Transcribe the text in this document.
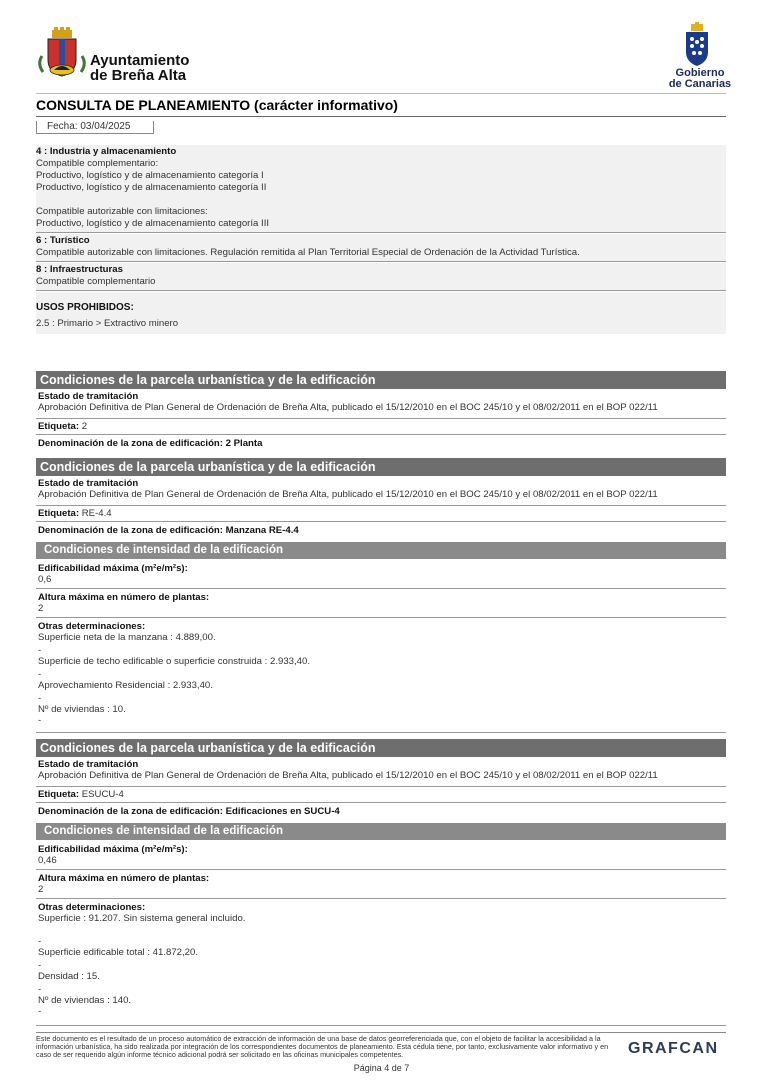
Ayuntamiento
de Breña Alta	Gobierno
de Canarias
CONSULTA DE PLANEAMIENTO (carácter informativo)
Fecha: 03/04/2025
4 : Industria y almacenamiento
Compatible complementario:
Productivo, logístico y de almacenamiento categoría I
Productivo, logístico y de almacenamiento categoría II
Compatible autorizable con limitaciones:
Productivo, logístico y de almacenamiento categoría III
6 : Turístico
Compatible autorizable con limitaciones. Regulación remitida al Plan Territorial Especial de Ordenación de la Actividad Turística.
8 : Infraestructuras
Compatible complementario
USOS PROHIBIDOS:
2.5 : Primario > Extractivo minero
Condiciones de la parcela urbanística y de la edificación
Estado de tramitación
Aprobación Definitiva de Plan General de Ordenación de Breña Alta, publicado el 15/12/2010 en el BOC 245/10 y el 08/02/2011 en el BOP 022/11
Etiqueta: 2
Denominación de la zona de edificación: 2 Planta
Condiciones de la parcela urbanística y de la edificación
Estado de tramitación
Aprobación Definitiva de Plan General de Ordenación de Breña Alta, publicado el 15/12/2010 en el BOC 245/10 y el 08/02/2011 en el BOP 022/11
Etiqueta: RE-4.4
Denominación de la zona de edificación: Manzana RE-4.4
Condiciones de intensidad de la edificación
Edificabilidad máxima (m²e/m²s):
0,6
Altura máxima en número de plantas:
2
Otras determinaciones:
Superficie neta de la manzana : 4.889,00.
-
Superficie de techo edificable o superficie construida : 2.933,40.
-
Aprovechamiento Residencial : 2.933,40.
-
Nº de viviendas : 10.
-
Condiciones de la parcela urbanística y de la edificación
Estado de tramitación
Aprobación Definitiva de Plan General de Ordenación de Breña Alta, publicado el 15/12/2010 en el BOC 245/10 y el 08/02/2011 en el BOP 022/11
Etiqueta: ESUCU-4
Denominación de la zona de edificación: Edificaciones en SUCU-4
Condiciones de intensidad de la edificación
Edificabilidad máxima (m²e/m²s):
0,46
Altura máxima en número de plantas:
2
Otras determinaciones:
Superficie : 91.207. Sin sistema general incluido.
-
Superficie edificable total : 41.872,20.
-
Densidad : 15.
-
Nº de viviendas : 140.
-
Este documento es el resultado de un proceso automático de extracción de información de una base de datos georreferenciada que, con el objeto de facilitar la accesibilidad a la información urbanística, ha sido realizada por integración de los correspondientes documentos de planeamiento. Esta cédula tiene, por tanto, exclusivamente valor informativo y en caso de ser requerido algún informe técnico adicional podrá ser solicitado en las oficinas municipales competentes.	GRAFCAN
Página 4 de 7
